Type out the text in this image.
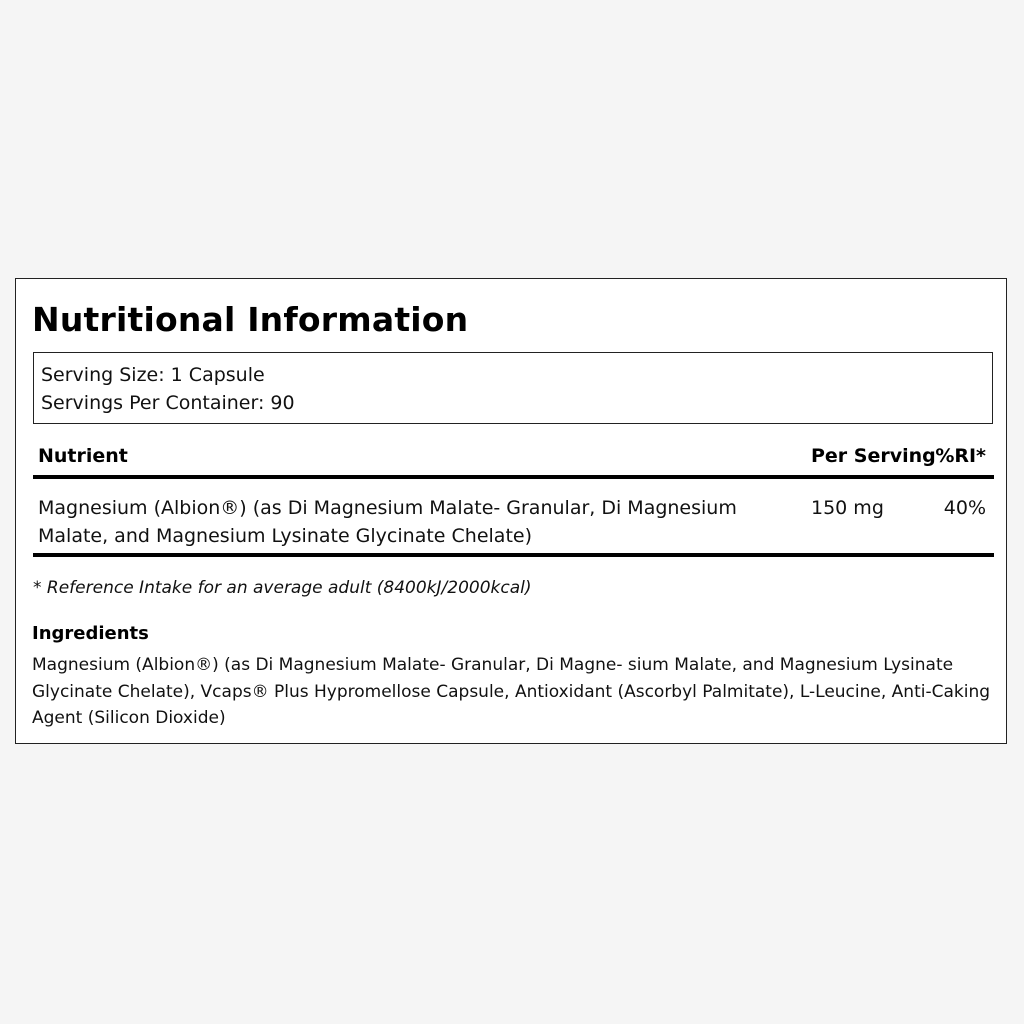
Nutritional Information
Serving Size: 1 Capsule
Servings Per Container: 90
Nutrient	Per Serving %RI*
Magnesium (Albion®) (as Di Magnesium Malate- Granular, Di Magnesium Malate, and Magnesium Lysinate Glycinate Chelate)
150 mg	40%
* Reference Intake for an average adult (8400kJ/2000kcal)
Ingredients
Magnesium (Albion®) (as Di Magnesium Malate- Granular, Di Magne- sium Malate, and Magnesium Lysinate Glycinate Chelate), Vcaps® Plus Hypromellose Capsule, Antioxidant (Ascorbyl Palmitate), L-Leucine, Anti-Caking Agent (Silicon Dioxide)
